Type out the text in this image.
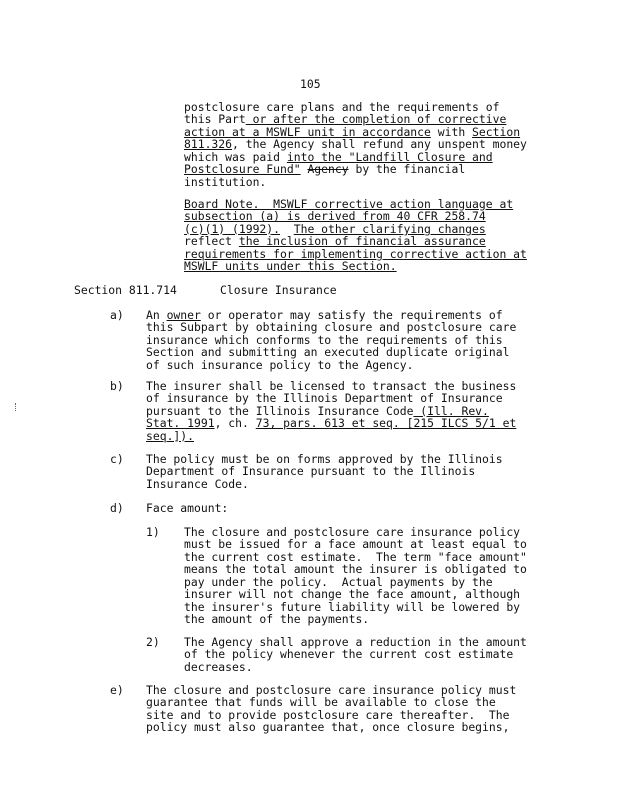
105
postclosure care plans and the requirements of
this Part or after the completion of corrective
action at a MSWLF unit in accordance with Section
811.326, the Agency shall refund any unspent money
which was paid into the "Landfill Closure and
Postclosure Fund" Agency by the financial
institution.
Board Note.  MSWLF corrective action language at
subsection (a) is derived from 40 CFR 258.74
(c)(1) (1992). The other clarifying changes
reflect the inclusion of financial assurance
requirements for implementing corrective action at
MSWLF units under this Section.
Section 811.714	Closure Insurance
a) An owner or operator may satisfy the requirements of
this Subpart by obtaining closure and postclosure care
insurance which conforms to the requirements of this
Section and submitting an executed duplicate original
of such insurance policy to the Agency.
b) The insurer shall be licensed to transact the business
of insurance by the Illinois Department of Insurance
pursuant to the Illinois Insurance Code (Ill. Rev.
Stat. 1991, ch. 73, pars. 613 et seq. [215 ILCS 5/1 et
seq.]).
c) The policy must be on forms approved by the Illinois
Department of Insurance pursuant to the Illinois
Insurance Code.
d) Face amount:
1) The closure and postclosure care insurance policy
must be issued for a face amount at least equal to
the current cost estimate.  The term "face amount"
means the total amount the insurer is obligated to
pay under the policy.  Actual payments by the
insurer will not change the face amount, although
the insurer's future liability will be lowered by
the amount of the payments.
2) The Agency shall approve a reduction in the amount
of the policy whenever the current cost estimate
decreases.
e) The closure and postclosure care insurance policy must
guarantee that funds will be available to close the
site and to provide postclosure care thereafter.  The
policy must also guarantee that, once closure begins,
